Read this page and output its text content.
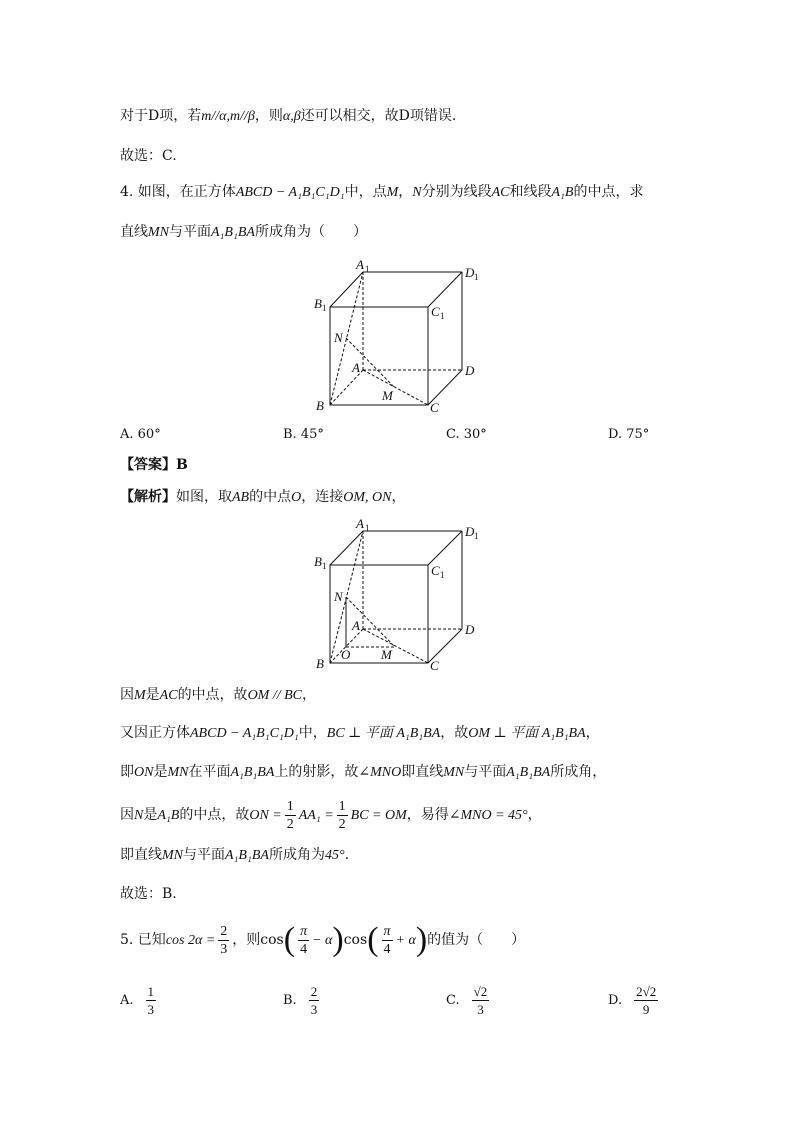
对于D项，若m//α,m//β，则α,β还可以相交，故D项错误.
故选：C.
4. 如图，在正方体ABCD − A₁B₁C₁D₁中，点M，N分别为线段AC和线段A₁B的中点，求
直线MN与平面A₁B₁BA所成角为（　　）
A 1	D 1
B 1	C 1
N
A	D
M
B	C
A. 60°	B. 45°	C. 30°	D. 75°
【答案】B
【解析】如图，取AB的中点O，连接OM, ON，
A 1	D 1
B 1	C 1
N
A	D
M
O
B	C
因M是AC的中点，故OM // BC，
又因正方体ABCD − A₁B₁C₁D₁中，BC ⊥ 平面 A₁B₁BA，故OM ⊥ 平面 A₁B₁BA，
即ON是MN在平面A₁B₁BA上的射影，故∠MNO即直线MN与平面A₁B₁BA所成角，
因N是A₁B的中点，故ON = $\frac{1}{2} AA_1 = \frac{1}{2}$ BC = OM，易得∠MNO = 45°，
即直线MN与平面A₁B₁BA所成角为45°.
故选：B.
5. 已知$\cos 2\alpha = \frac{2}{3}$ ，则$\cos( \frac{\pi}{4} - \alpha)\cos( \frac{\pi}{4} + \alpha)$的值为（　　）
A. $\frac{1}{3}$	B. $\frac{2}{3}$	C. $\frac{√2}{3}$	D. $\frac{2√2}{9}$
